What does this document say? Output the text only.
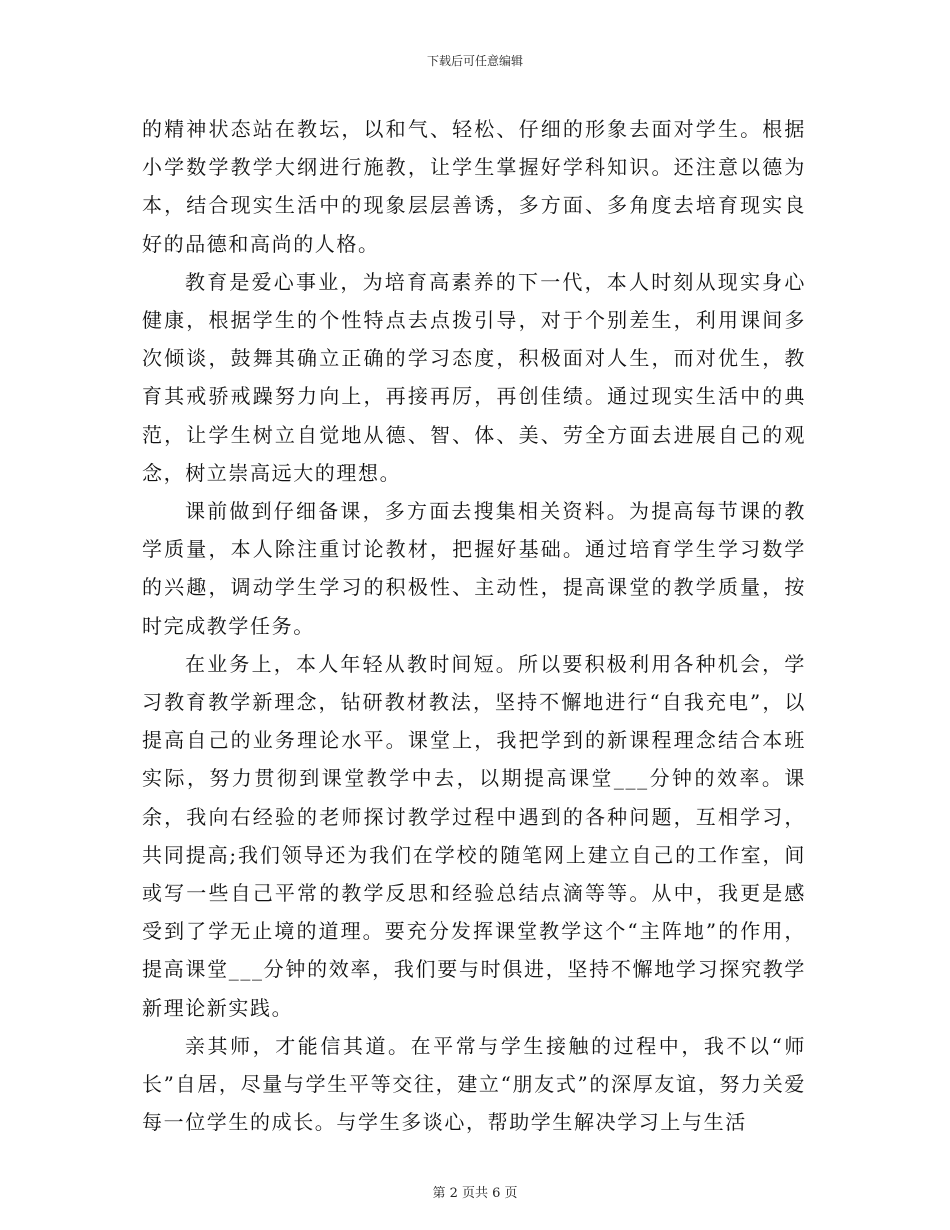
下载后可任意编辑

的精神状态站在教坛，以和气、轻松、仔细的形象去面对学生。根据小学数学教学大纲进行施教，让学生掌握好学科知识。还注意以德为本，结合现实生活中的现象层层善诱，多方面、多角度去培育现实良好的品德和高尚的人格。

教育是爱心事业，为培育高素养的下一代，本人时刻从现实身心健康，根据学生的个性特点去点拨引导，对于个别差生，利用课间多次倾谈，鼓舞其确立正确的学习态度，积极面对人生，而对优生，教育其戒骄戒躁努力向上，再接再厉，再创佳绩。通过现实生活中的典范，让学生树立自觉地从德、智、体、美、劳全方面去进展自己的观念，树立崇高远大的理想。

课前做到仔细备课，多方面去搜集相关资料。为提高每节课的教学质量，本人除注重讨论教材，把握好基础。通过培育学生学习数学的兴趣，调动学生学习的积极性、主动性，提高课堂的教学质量，按时完成教学任务。

在业务上，本人年轻从教时间短。所以要积极利用各种机会，学习教育教学新理念，钻研教材教法，坚持不懈地进行“自我充电”，以提高自己的业务理论水平。课堂上，我把学到的新课程理念结合本班实际，努力贯彻到课堂教学中去，以期提高课堂___分钟的效率。课余，我向右经验的老师探讨教学过程中遇到的各种问题，互相学习，共同提高;我们领导还为我们在学校的随笔网上建立自己的工作室，间或写一些自己平常的教学反思和经验总结点滴等等。从中，我更是感受到了学无止境的道理。要充分发挥课堂教学这个“主阵地”的作用，提高课堂___分钟的效率，我们要与时俱进，坚持不懈地学习探究教学新理论新实践。

亲其师，才能信其道。在平常与学生接触的过程中，我不以“师长”自居，尽量与学生平等交往，建立“朋友式”的深厚友谊，努力关爱每一位学生的成长。与学生多谈心，帮助学生解决学习上与生活

第 2 页共 6 页
